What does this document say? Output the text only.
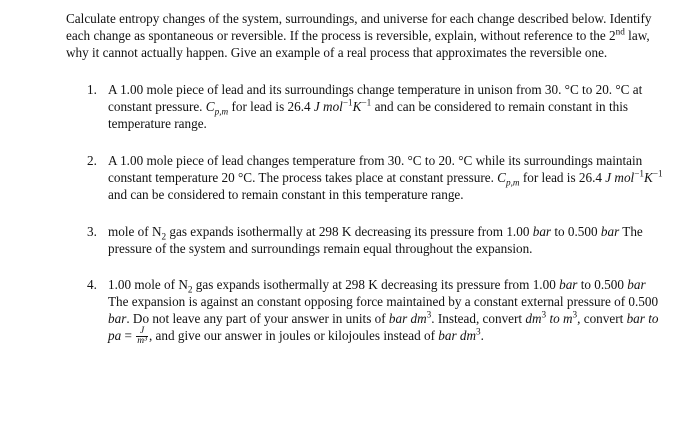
Calculate entropy changes of the system, surroundings, and universe for each change described below. Identify each change as spontaneous or reversible. If the process is reversible, explain, without reference to the 2nd law, why it cannot actually happen. Give an example of a real process that approximates the reversible one.

1. A 1.00 mole piece of lead and its surroundings change temperature in unison from 30. °C to 20. °C at constant pressure. $C_{p,m}$ for lead is 26.4 J $mol^{-1}K^{-1}$ and can be considered to remain constant in this temperature range.
2. A 1.00 mole piece of lead changes temperature from 30. °C to 20. °C while its surroundings maintain constant temperature 20 °C. The process takes place at constant pressure. $C_{p,m}$ for lead is 26.4 J $mol^{-1}K^{-1}$ and can be considered to remain constant in this temperature range.
3. mole of $N_2$ gas expands isothermally at 298 K decreasing its pressure from 1.00 bar to 0.500 bar The pressure of the system and surroundings remain equal throughout the expansion.
4. 1.00 mole of $N_2$ gas expands isothermally at 298 K decreasing its pressure from 1.00 bar to 0.500 bar The expansion is against an constant opposing force maintained by a constant external pressure of 0.500 bar. Do not leave any part of your answer in units of bar $dm^3$. Instead, convert $dm^3$ to $m^3$, convert bar to pa = $\frac{J}{\text{m³}}$ , and give our answer in joules or kilojoules instead of bar $dm^3$.
